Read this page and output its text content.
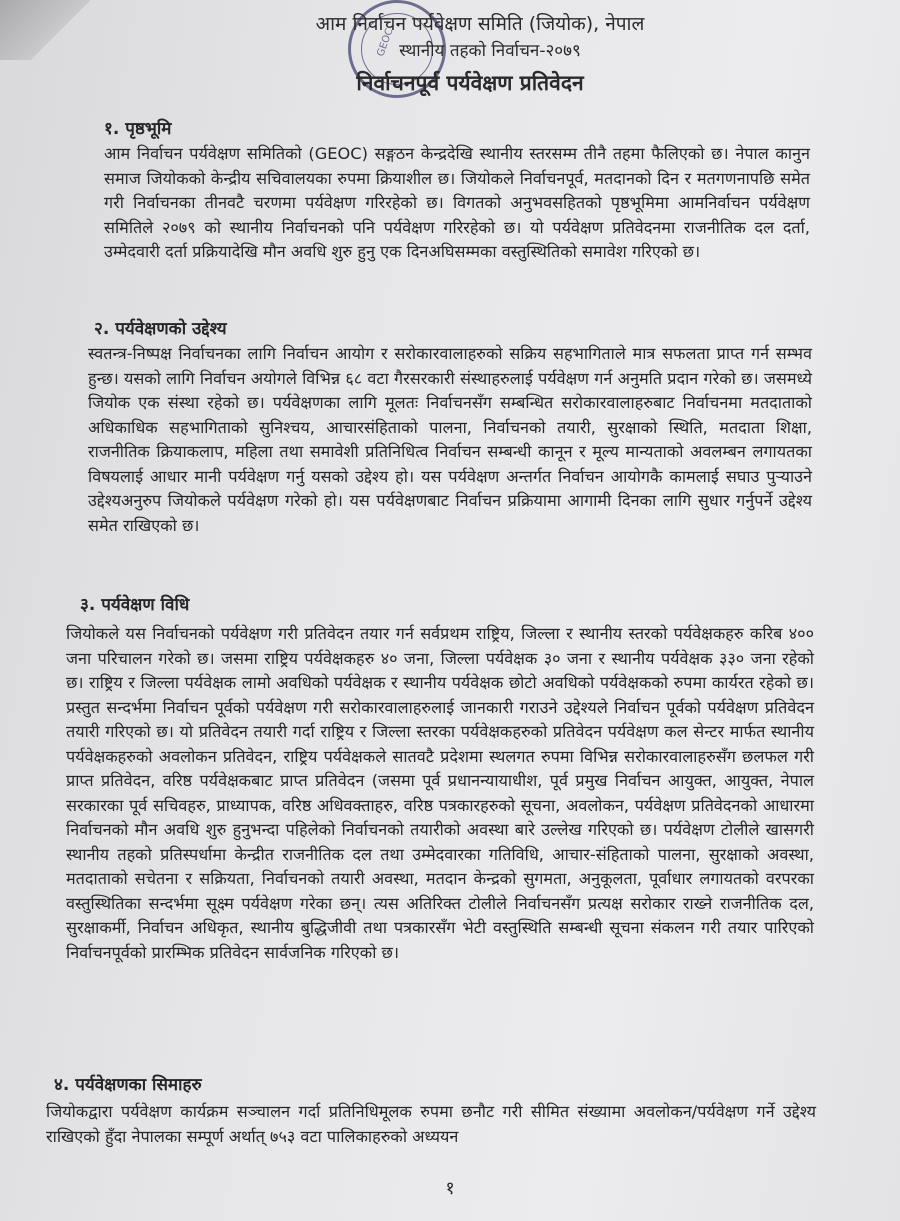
GEOC
आम निर्वाचन पर्यवेक्षण समिति (जियोक), नेपाल
स्थानीय तहको निर्वाचन-२०७९
निर्वाचनपूर्व पर्यवेक्षण प्रतिवेदन
१. पृष्ठभूमि
आम निर्वाचन पर्यवेक्षण समितिको (GEOC) सङ्गठन केन्द्रदेखि स्थानीय स्तरसम्म तीनै तहमा फैलिएको छ। नेपाल कानुन समाज जियोकको केन्द्रीय सचिवालयका रुपमा क्रियाशील छ। जियोकले निर्वाचनपूर्व, मतदानको दिन र मतगणनापछि समेत गरी निर्वाचनका तीनवटै चरणमा पर्यवेक्षण गरिरहेको छ। विगतको अनुभवसहितको पृष्ठभूमिमा आमनिर्वाचन पर्यवेक्षण समितिले २०७९ को स्थानीय निर्वाचनको पनि पर्यवेक्षण गरिरहेको छ। यो पर्यवेक्षण प्रतिवेदनमा राजनीतिक दल दर्ता, उम्मेदवारी दर्ता प्रक्रियादेखि मौन अवधि शुरु हुनु एक दिनअघिसम्मका वस्तुस्थितिको समावेश गरिएको छ।
२. पर्यवेक्षणको उद्देश्य
स्वतन्त्र-निष्पक्ष निर्वाचनका लागि निर्वाचन आयोग र सरोकारवालाहरुको सक्रिय सहभागिताले मात्र सफलता प्राप्त गर्न सम्भव हुन्छ। यसको लागि निर्वाचन अयोगले विभिन्न ६८ वटा गैरसरकारी संस्थाहरुलाई पर्यवेक्षण गर्न अनुमति प्रदान गरेको छ। जसमध्ये जियोक एक संस्था रहेको छ। पर्यवेक्षणका लागि मूलतः निर्वाचनसँग सम्बन्धित सरोकारवालाहरुबाट निर्वाचनमा मतदाताको अधिकाधिक सहभागिताको सुनिश्चय, आचारसंहिताको पालना, निर्वाचनको तयारी, सुरक्षाको स्थिति, मतदाता शिक्षा, राजनीतिक क्रियाकलाप, महिला तथा समावेशी प्रतिनिधित्व निर्वाचन सम्बन्धी कानून र मूल्य मान्यताको अवलम्बन लगायतका विषयलाई आधार मानी पर्यवेक्षण गर्नु यसको उद्देश्य हो। यस पर्यवेक्षण अन्तर्गत निर्वाचन आयोगकै कामलाई सघाउ पुऱ्याउने उद्देश्यअनुरुप जियोकले पर्यवेक्षण गरेको हो। यस पर्यवेक्षणबाट निर्वाचन प्रक्रियामा आगामी दिनका लागि सुधार गर्नुपर्ने उद्देश्य समेत राखिएको छ।
३. पर्यवेक्षण विधि
जियोकले यस निर्वाचनको पर्यवेक्षण गरी प्रतिवेदन तयार गर्न सर्वप्रथम राष्ट्रिय, जिल्ला र स्थानीय स्तरको पर्यवेक्षकहरु करिब ४०० जना परिचालन गरेको छ। जसमा राष्ट्रिय पर्यवेक्षकहरु ४० जना, जिल्ला पर्यवेक्षक ३० जना र स्थानीय पर्यवेक्षक ३३० जना रहेको छ। राष्ट्रिय र जिल्ला पर्यवेक्षक लामो अवधिको पर्यवेक्षक र स्थानीय पर्यवेक्षक छोटो अवधिको पर्यवेक्षकको रुपमा कार्यरत रहेको छ। प्रस्तुत सन्दर्भमा निर्वाचन पूर्वको पर्यवेक्षण गरी सरोकारवालाहरुलाई जानकारी गराउने उद्देश्यले निर्वाचन पूर्वको पर्यवेक्षण प्रतिवेदन तयारी गरिएको छ। यो प्रतिवेदन तयारी गर्दा राष्ट्रिय र जिल्ला स्तरका पर्यवेक्षकहरुको प्रतिवेदन पर्यवेक्षण कल सेन्टर मार्फत स्थानीय पर्यवेक्षकहरुको अवलोकन प्रतिवेदन, राष्ट्रिय पर्यवेक्षकले सातवटै प्रदेशमा स्थलगत रुपमा विभिन्न सरोकारवालाहरुसँग छलफल गरी प्राप्त प्रतिवेदन, वरिष्ठ पर्यवेक्षकबाट प्राप्त प्रतिवेदन (जसमा पूर्व प्रधानन्यायाधीश, पूर्व प्रमुख निर्वाचन आयुक्त, आयुक्त, नेपाल सरकारका पूर्व सचिवहरु, प्राध्यापक, वरिष्ठ अधिवक्ताहरु, वरिष्ठ पत्रकारहरुको सूचना, अवलोकन, पर्यवेक्षण प्रतिवेदनको आधारमा निर्वाचनको मौन अवधि शुरु हुनुभन्दा पहिलेको निर्वाचनको तयारीको अवस्था बारे उल्लेख गरिएको छ। पर्यवेक्षण टोलीले खासगरी स्थानीय तहको प्रतिस्पर्धामा केन्द्रीत राजनीतिक दल तथा उम्मेदवारका गतिविधि, आचार-संहिताको पालना, सुरक्षाको अवस्था, मतदाताको सचेतना र सक्रियता, निर्वाचनको तयारी अवस्था, मतदान केन्द्रको सुगमता, अनुकूलता, पूर्वाधार लगायतको वरपरका वस्तुस्थितिका सन्दर्भमा सूक्ष्म पर्यवेक्षण गरेका छन्। त्यस अतिरिक्त टोलीले निर्वाचनसँग प्रत्यक्ष सरोकार राख्ने राजनीतिक दल, सुरक्षाकर्मी, निर्वाचन अधिकृत, स्थानीय बुद्धिजीवी तथा पत्रकारसँग भेटी वस्तुस्थिति सम्बन्धी सूचना संकलन गरी तयार पारिएको निर्वाचनपूर्वको प्रारम्भिक प्रतिवेदन सार्वजनिक गरिएको छ।
४. पर्यवेक्षणका सिमाहरु
जियोकद्वारा पर्यवेक्षण कार्यक्रम सञ्चालन गर्दा प्रतिनिधिमूलक रुपमा छनौट गरी सीमित संख्यामा अवलोकन/पर्यवेक्षण गर्ने उद्देश्य राखिएको हुँदा नेपालका सम्पूर्ण अर्थात् ७५३ वटा पालिकाहरुको अध्ययन
१
